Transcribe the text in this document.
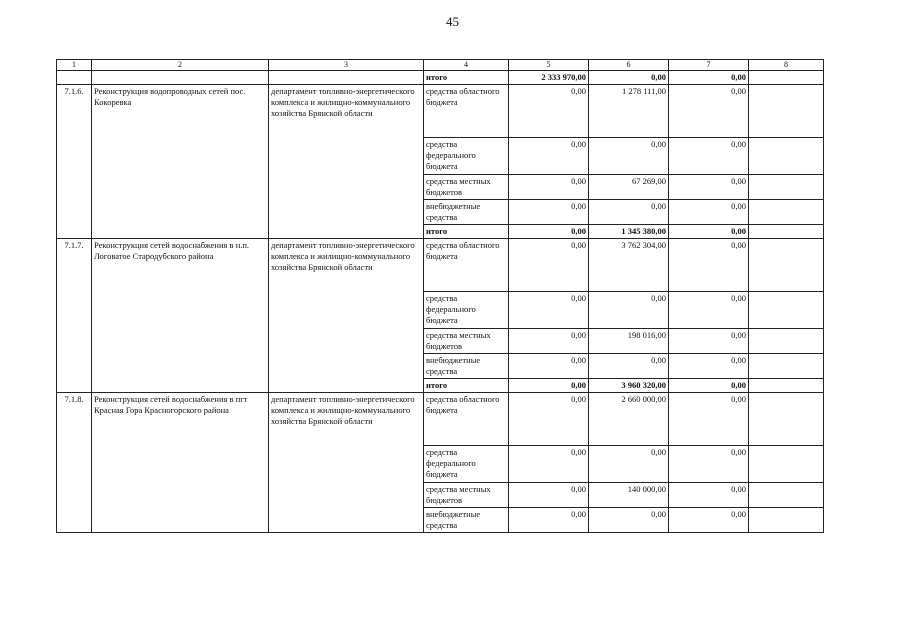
45
1	2	3	4	5	6	7	8
			итого	2 333 970,00	0,00	0,00	
7.1.6.	Реконструкция водопроводных сетей пос. Кокоревка	департамент топливно-энергетического комплекса и жилищно-коммунального хозяйства Брянской области	средства областного бюджета	0,00	1 278 111,00	0,00	
			средства федерального бюджета	0,00	0,00	0,00	
			средства местных бюджетов	0,00	67 269,00	0,00	
			внебюджетные средства	0,00	0,00	0,00	
			итого	0,00	1 345 380,00	0,00	
7.1.7.	Реконструкция сетей водоснабжения в н.п. Логоватое Стародубского района	департамент топливно-энергетического комплекса и жилищно-коммунального хозяйства Брянской области	средства областного бюджета	0,00	3 762 304,00	0,00	
			средства федерального бюджета	0,00	0,00	0,00	
			средства местных бюджетов	0,00	198 016,00	0,00	
			внебюджетные средства	0,00	0,00	0,00	
			итого	0,00	3 960 320,00	0,00	
7.1.8.	Реконструкция сетей водоснабжения в пгт Красная Гора Красногорского района	департамент топливно-энергетического комплекса и жилищно-коммунального хозяйства Брянской области	средства областного бюджета	0,00	2 660 000,00	0,00	
			средства федерального бюджета	0,00	0,00	0,00	
			средства местных бюджетов	0,00	140 000,00	0,00	
			внебюджетные средства	0,00	0,00	0,00	
